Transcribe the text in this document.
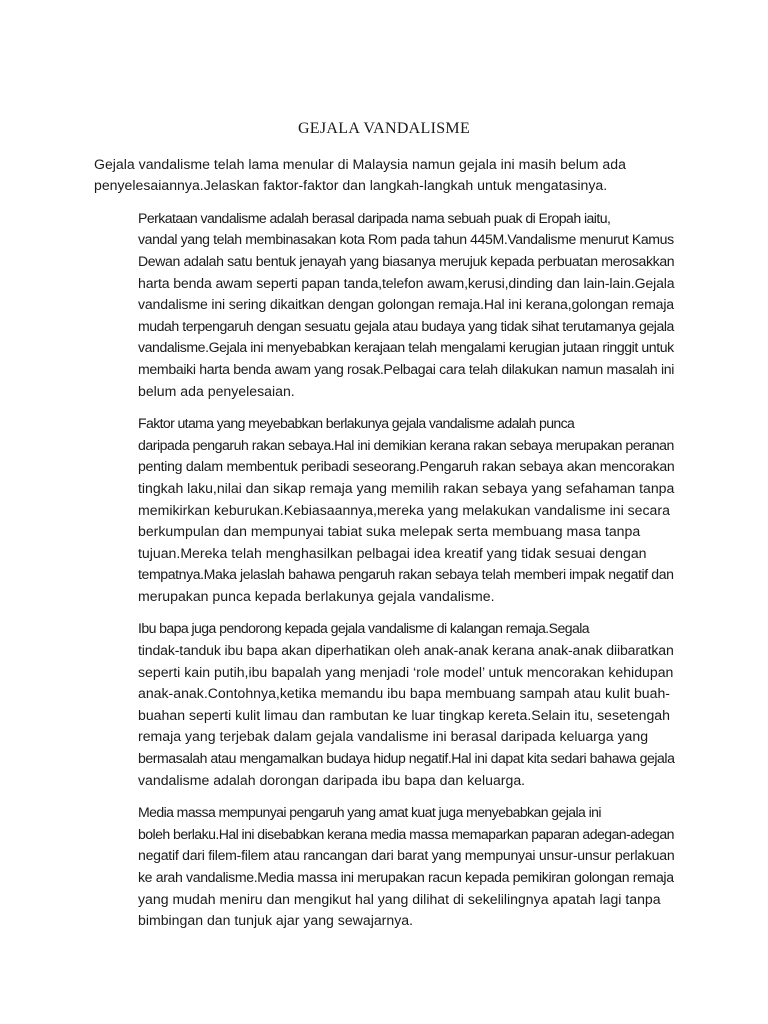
GEJALA VANDALISME

Gejala vandalisme telah lama menular di Malaysia namun gejala ini masih belum ada
penyelesaiannya.Jelaskan faktor-faktor dan langkah-langkah untuk mengatasinya.

Perkataan vandalisme adalah berasal daripada nama sebuah puak di Eropah iaitu,
vandal yang telah membinasakan kota Rom pada tahun 445M.Vandalisme menurut Kamus
Dewan adalah satu bentuk jenayah yang biasanya merujuk kepada perbuatan merosakkan
harta benda awam seperti papan tanda,telefon awam,kerusi,dinding dan lain-lain.Gejala
vandalisme ini sering dikaitkan dengan golongan remaja.Hal ini kerana,golongan remaja
mudah terpengaruh dengan sesuatu gejala atau budaya yang tidak sihat terutamanya gejala
vandalisme.Gejala ini menyebabkan kerajaan telah mengalami kerugian jutaan ringgit untuk
membaiki harta benda awam yang rosak.Pelbagai cara telah dilakukan namun masalah ini
belum ada penyelesaian.

Faktor utama yang meyebabkan berlakunya gejala vandalisme adalah punca
daripada pengaruh rakan sebaya.Hal ini demikian kerana rakan sebaya merupakan peranan
penting dalam membentuk peribadi seseorang.Pengaruh rakan sebaya akan mencorakan
tingkah laku,nilai dan sikap remaja yang memilih rakan sebaya yang sefahaman tanpa
memikirkan keburukan.Kebiasaannya,mereka yang melakukan vandalisme ini secara
berkumpulan dan mempunyai tabiat suka melepak serta membuang masa tanpa
tujuan.Mereka telah menghasilkan pelbagai idea kreatif yang tidak sesuai dengan
tempatnya.Maka jelaslah bahawa pengaruh rakan sebaya telah memberi impak negatif dan
merupakan punca kepada berlakunya gejala vandalisme.

Ibu bapa juga pendorong kepada gejala vandalisme di kalangan remaja.Segala
tindak-tanduk ibu bapa akan diperhatikan oleh anak-anak kerana anak-anak diibaratkan
seperti kain putih,ibu bapalah yang menjadi ‘role model’ untuk mencorakan kehidupan
anak-anak.Contohnya,ketika memandu ibu bapa membuang sampah atau kulit buah-
buahan seperti kulit limau dan rambutan ke luar tingkap kereta.Selain itu, sesetengah
remaja yang terjebak dalam gejala vandalisme ini berasal daripada keluarga yang
bermasalah atau mengamalkan budaya hidup negatif.Hal ini dapat kita sedari bahawa gejala
vandalisme adalah dorongan daripada ibu bapa dan keluarga.

Media massa mempunyai pengaruh yang amat kuat juga menyebabkan gejala ini
boleh berlaku.Hal ini disebabkan kerana media massa memaparkan paparan adegan-adegan
negatif dari filem-filem atau rancangan dari barat yang mempunyai unsur-unsur perlakuan
ke arah vandalisme.Media massa ini merupakan racun kepada pemikiran golongan remaja
yang mudah meniru dan mengikut hal yang dilihat di sekelilingnya apatah lagi tanpa
bimbingan dan tunjuk ajar yang sewajarnya.
